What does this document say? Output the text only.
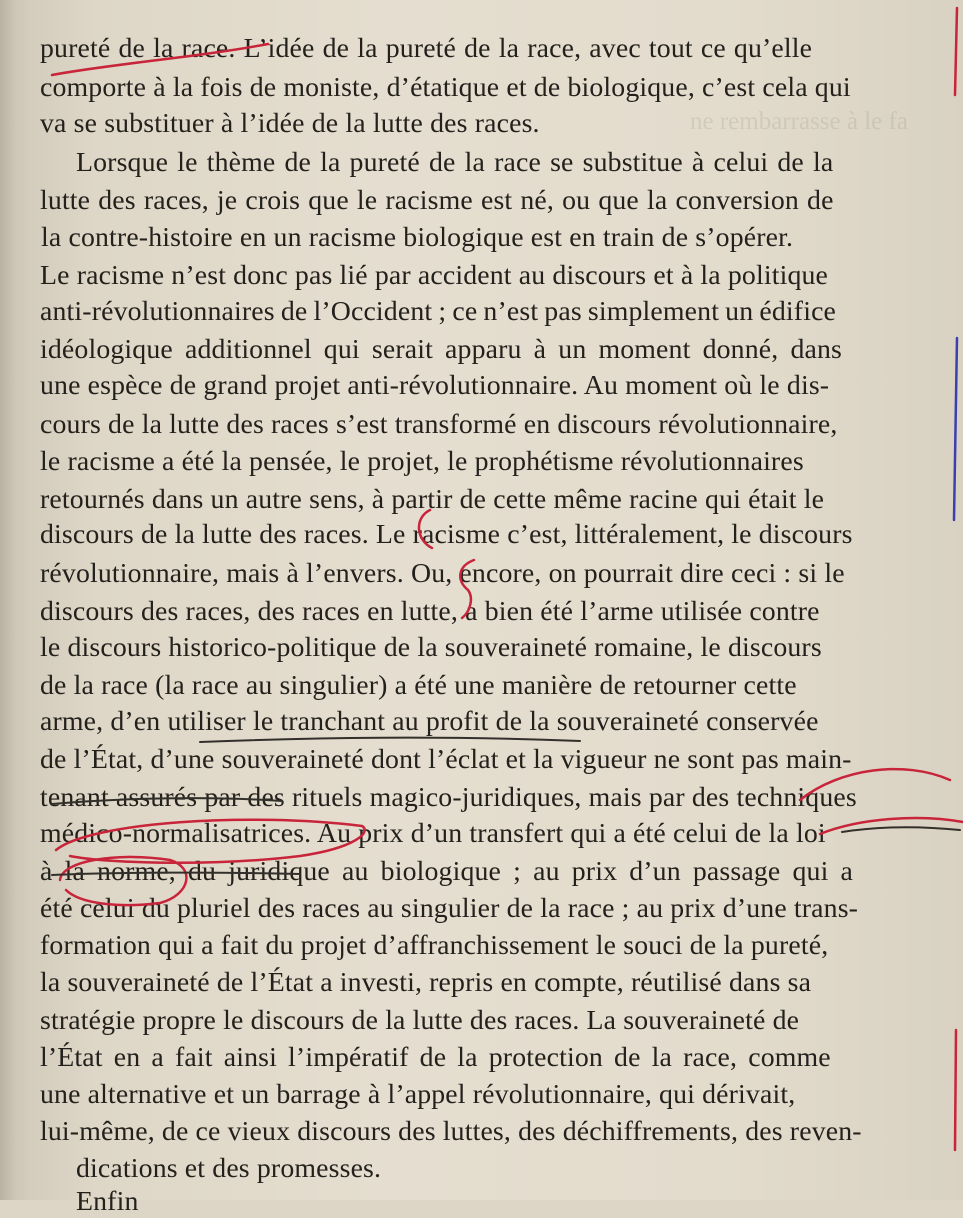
ne rembarrasse à le fa
pureté de la race. L’idée de la pureté de la race, avec tout ce qu’elle
comporte à la fois de moniste, d’étatique et de biologique, c’est cela qui
va se substituer à l’idée de la lutte des races.
Lorsque le thème de la pureté de la race se substitue à celui de la
lutte des races, je crois que le racisme est né, ou que la conversion de
la contre-histoire en un racisme biologique est en train de s’opérer.
Le racisme n’est donc pas lié par accident au discours et à la politique
anti-révolutionnaires de l’Occident ; ce n’est pas simplement un édifice
idéologique additionnel qui serait apparu à un moment donné, dans
une espèce de grand projet anti-révolutionnaire. Au moment où le dis-
cours de la lutte des races s’est transformé en discours révolutionnaire,
le racisme a été la pensée, le projet, le prophétisme révolutionnaires
retournés dans un autre sens, à partir de cette même racine qui était le
discours de la lutte des races. Le racisme c’est, littéralement, le discours
révolutionnaire, mais à l’envers. Ou, encore, on pourrait dire ceci : si le
discours des races, des races en lutte, a bien été l’arme utilisée contre
le discours historico-politique de la souveraineté romaine, le discours
de la race (la race au singulier) a été une manière de retourner cette
arme, d’en utiliser le tranchant au profit de la souveraineté conservée
de l’État, d’une souveraineté dont l’éclat et la vigueur ne sont pas main-
tenant assurés par des rituels magico-juridiques, mais par des techniques
médico-normalisatrices. Au prix d’un transfert qui a été celui de la loi
à la norme, du juridique au biologique ; au prix d’un passage qui a
été celui du pluriel des races au singulier de la race ; au prix d’une trans-
formation qui a fait du projet d’affranchissement le souci de la pureté,
la souveraineté de l’État a investi, repris en compte, réutilisé dans sa
stratégie propre le discours de la lutte des races. La souveraineté de
l’État en a fait ainsi l’impératif de la protection de la race, comme
une alternative et un barrage à l’appel révolutionnaire, qui dérivait,
lui-même, de ce vieux discours des luttes, des déchiffrements, des reven-
dications et des promesses.
Enfin
